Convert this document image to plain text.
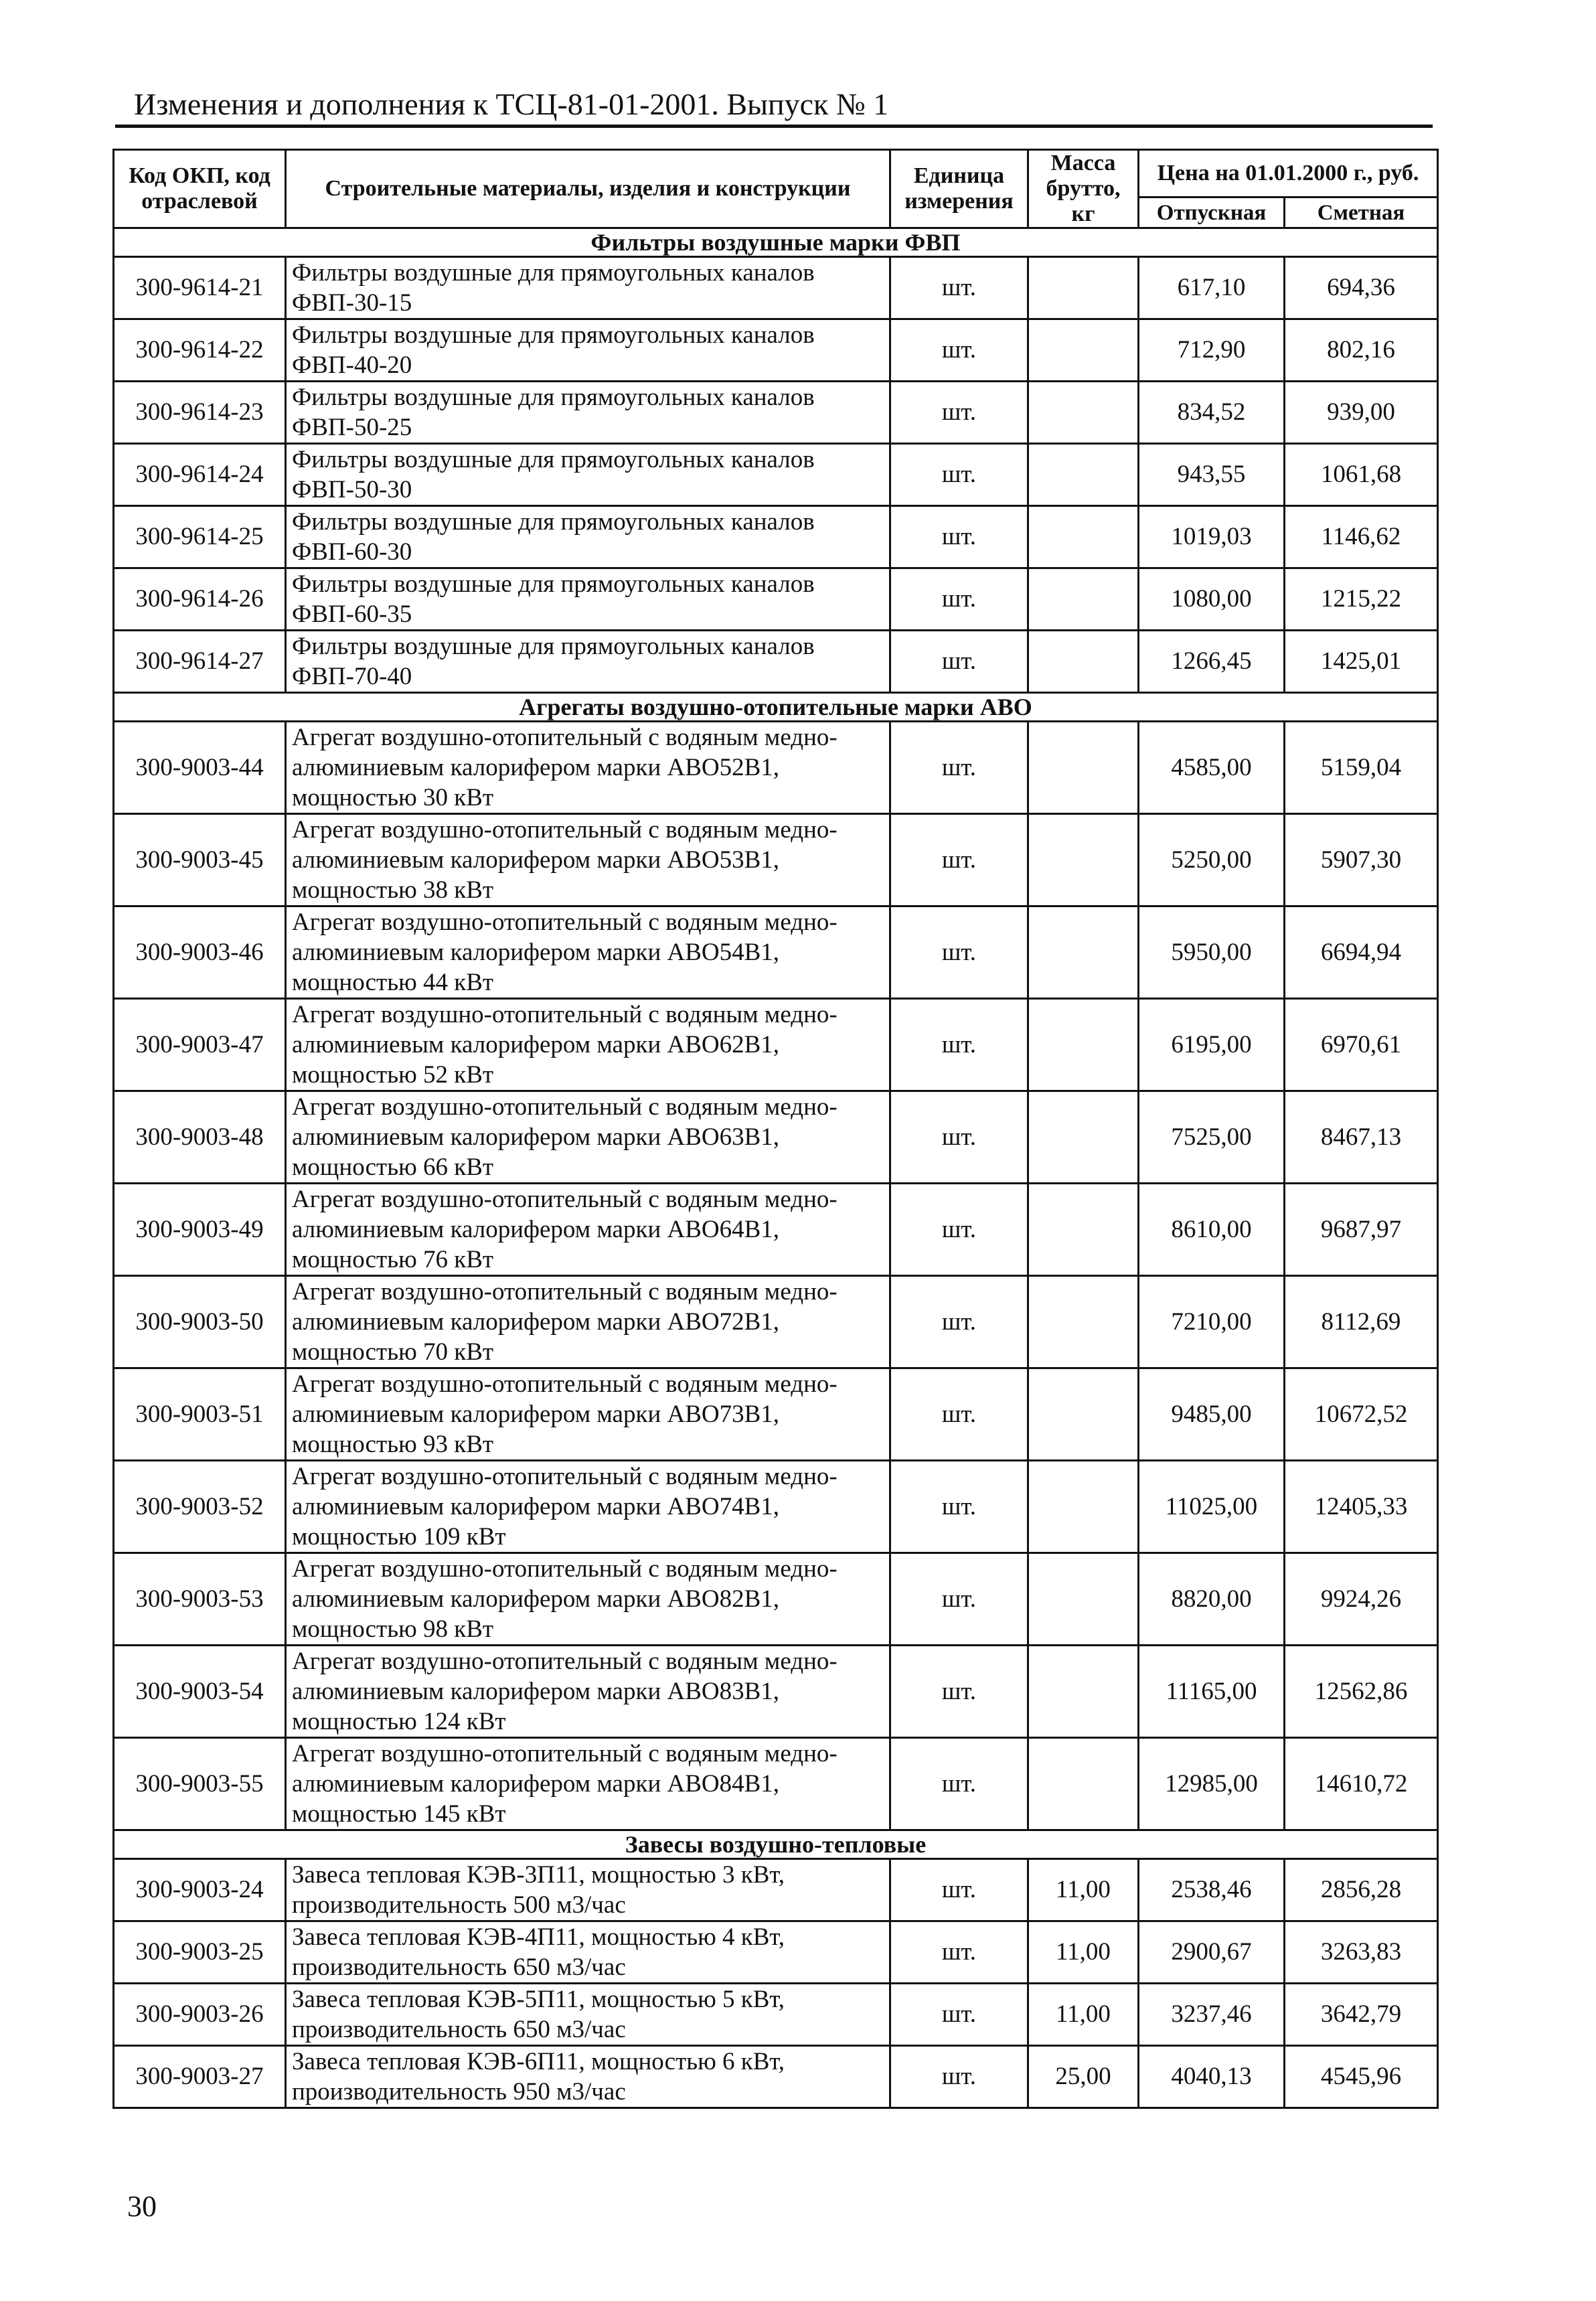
Изменения и дополнения к ТСЦ-81-01-2001. Выпуск № 1
Код ОКП, код отраслевой	Строительные материалы, изделия и конструкции	Единица измерения	Масса брутто, кг	Цена на 01.01.2000 г., руб.	
				Отпускная	Сметная
Фильтры воздушные марки ФВП					
300-9614-21	Фильтры воздушные для прямоугольных каналов ФВП-30-15	шт.		617,10	694,36
300-9614-22	Фильтры воздушные для прямоугольных каналов ФВП-40-20	шт.		712,90	802,16
300-9614-23	Фильтры воздушные для прямоугольных каналов ФВП-50-25	шт.		834,52	939,00
300-9614-24	Фильтры воздушные для прямоугольных каналов ФВП-50-30	шт.		943,55	1061,68
300-9614-25	Фильтры воздушные для прямоугольных каналов ФВП-60-30	шт.		1019,03	1146,62
300-9614-26	Фильтры воздушные для прямоугольных каналов ФВП-60-35	шт.		1080,00	1215,22
300-9614-27	Фильтры воздушные для прямоугольных каналов ФВП-70-40	шт.		1266,45	1425,01
Агрегаты воздушно-отопительные марки АВО					
300-9003-44	Агрегат воздушно-отопительный с водяным медно-алюминиевым калорифером марки АВО52В1, мощностью 30 кВт	шт.		4585,00	5159,04
300-9003-45	Агрегат воздушно-отопительный с водяным медно-алюминиевым калорифером марки АВО53В1, мощностью 38 кВт	шт.		5250,00	5907,30
300-9003-46	Агрегат воздушно-отопительный с водяным медно-алюминиевым калорифером марки АВО54В1, мощностью 44 кВт	шт.		5950,00	6694,94
300-9003-47	Агрегат воздушно-отопительный с водяным медно-алюминиевым калорифером марки АВО62В1, мощностью 52 кВт	шт.		6195,00	6970,61
300-9003-48	Агрегат воздушно-отопительный с водяным медно-алюминиевым калорифером марки АВО63В1, мощностью 66 кВт	шт.		7525,00	8467,13
300-9003-49	Агрегат воздушно-отопительный с водяным медно-алюминиевым калорифером марки АВО64В1, мощностью 76 кВт	шт.		8610,00	9687,97
300-9003-50	Агрегат воздушно-отопительный с водяным медно-алюминиевым калорифером марки АВО72В1, мощностью 70 кВт	шт.		7210,00	8112,69
300-9003-51	Агрегат воздушно-отопительный с водяным медно-алюминиевым калорифером марки АВО73В1, мощностью 93 кВт	шт.		9485,00	10672,52
300-9003-52	Агрегат воздушно-отопительный с водяным медно-алюминиевым калорифером марки АВО74В1, мощностью 109 кВт	шт.		11025,00	12405,33
300-9003-53	Агрегат воздушно-отопительный с водяным медно-алюминиевым калорифером марки АВО82В1, мощностью 98 кВт	шт.		8820,00	9924,26
300-9003-54	Агрегат воздушно-отопительный с водяным медно-алюминиевым калорифером марки АВО83В1, мощностью 124 кВт	шт.		11165,00	12562,86
300-9003-55	Агрегат воздушно-отопительный с водяным медно-алюминиевым калорифером марки АВО84В1, мощностью 145 кВт	шт.		12985,00	14610,72
Завесы воздушно-тепловые					
300-9003-24	Завеса тепловая КЭВ-3П11, мощностью 3 кВт, производительность 500 м3/час	шт.	11,00	2538,46	2856,28
300-9003-25	Завеса тепловая КЭВ-4П11, мощностью 4 кВт, производительность 650 м3/час	шт.	11,00	2900,67	3263,83
300-9003-26	Завеса тепловая КЭВ-5П11, мощностью 5 кВт, производительность 650 м3/час	шт.	11,00	3237,46	3642,79
300-9003-27	Завеса тепловая КЭВ-6П11, мощностью 6 кВт, производительность 950 м3/час	шт.	25,00	4040,13	4545,96
30
